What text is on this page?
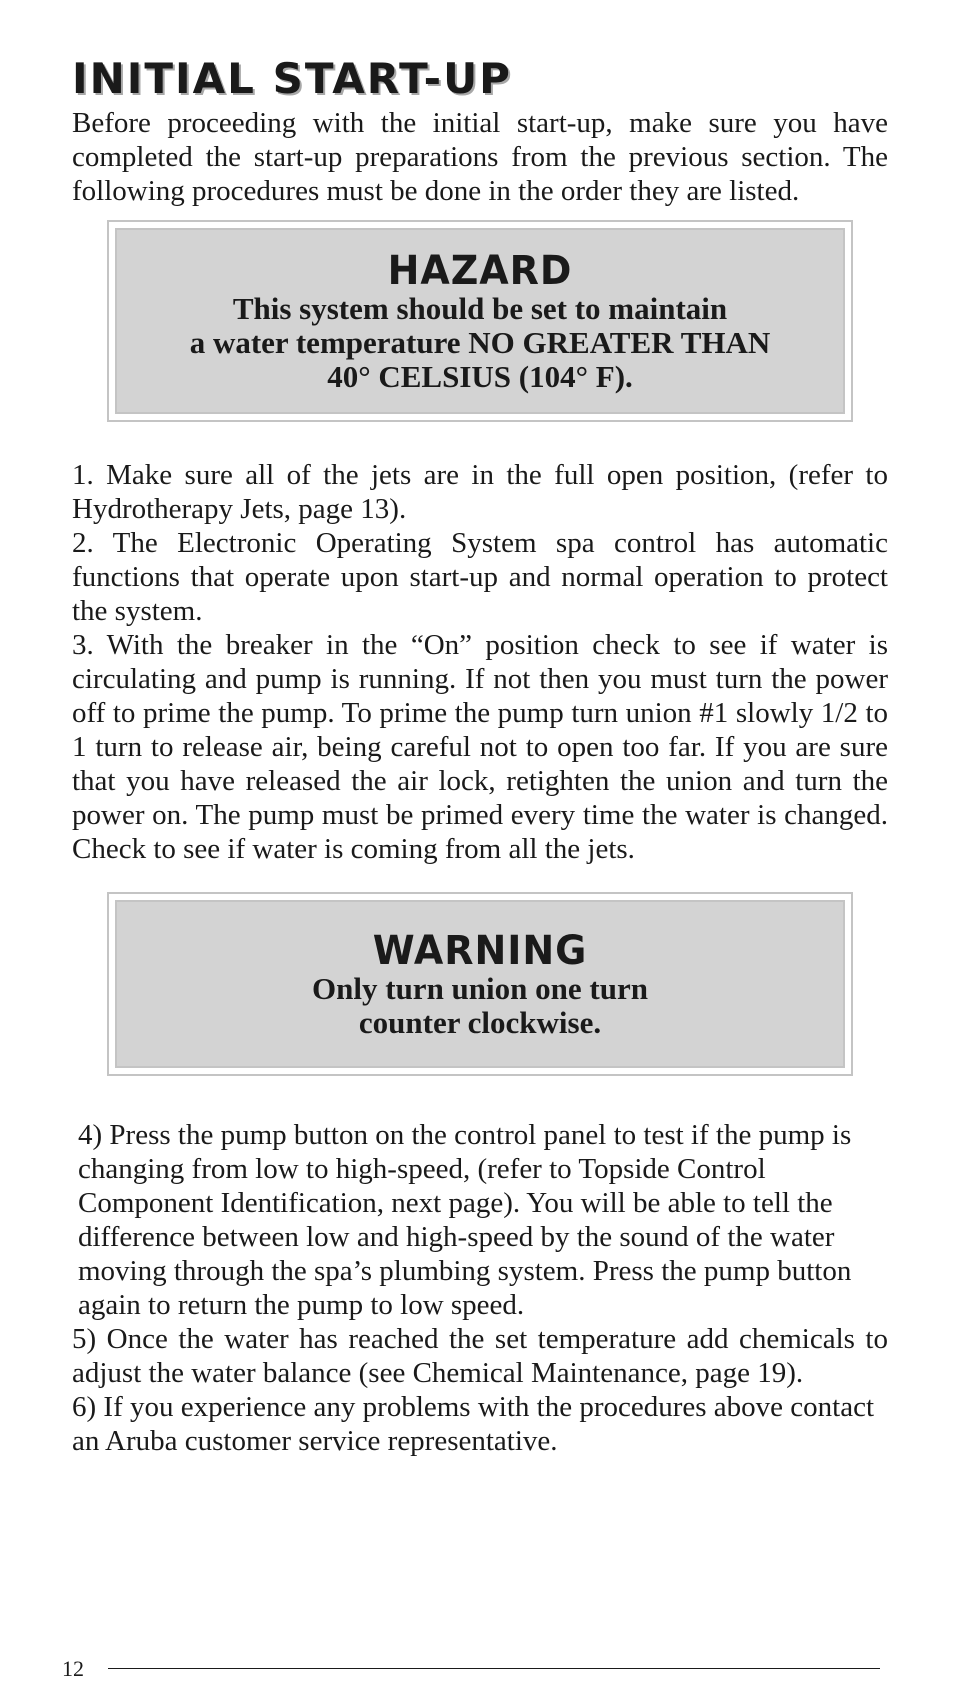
INITIAL START-UP

Before proceeding with the initial start-up, make sure you have completed the start-up preparations from the previous section. The following procedures must be done in the order they are listed.

HAZARD
This system should be set to maintain
a water temperature NO GREATER THAN
40° CELSIUS (104° F).

1. Make sure all of the jets are in the full open position, (refer to Hydrotherapy Jets, page 13).

2. The Electronic Operating System spa control has automatic functions that operate upon start-up and normal operation to protect the system.

3. With the breaker in the “On” position check to see if water is circulating and pump is running. If not then you must turn the power off to prime the pump. To prime the pump turn union #1 slowly 1/2 to 1 turn to release air, being careful not to open too far. If you are sure that you have released the air lock, retighten the union and turn the power on. The pump must be primed every time the water is changed. Check to see if water is coming from all the jets.

WARNING
Only turn union one turn
counter clockwise.

4) Press the pump button on the control panel to test if the pump is changing from low to high-speed, (refer to Topside Control Component Identification, next page). You will be able to tell the difference between low and high-speed by the sound of the water moving through the spa’s plumbing system. Press the pump button again to return the pump to low speed.

5) Once the water has reached the set temperature add chemicals to adjust the water balance (see Chemical Maintenance, page 19).

6) If you experience any problems with the procedures above contact an Aruba customer service representative.

12
